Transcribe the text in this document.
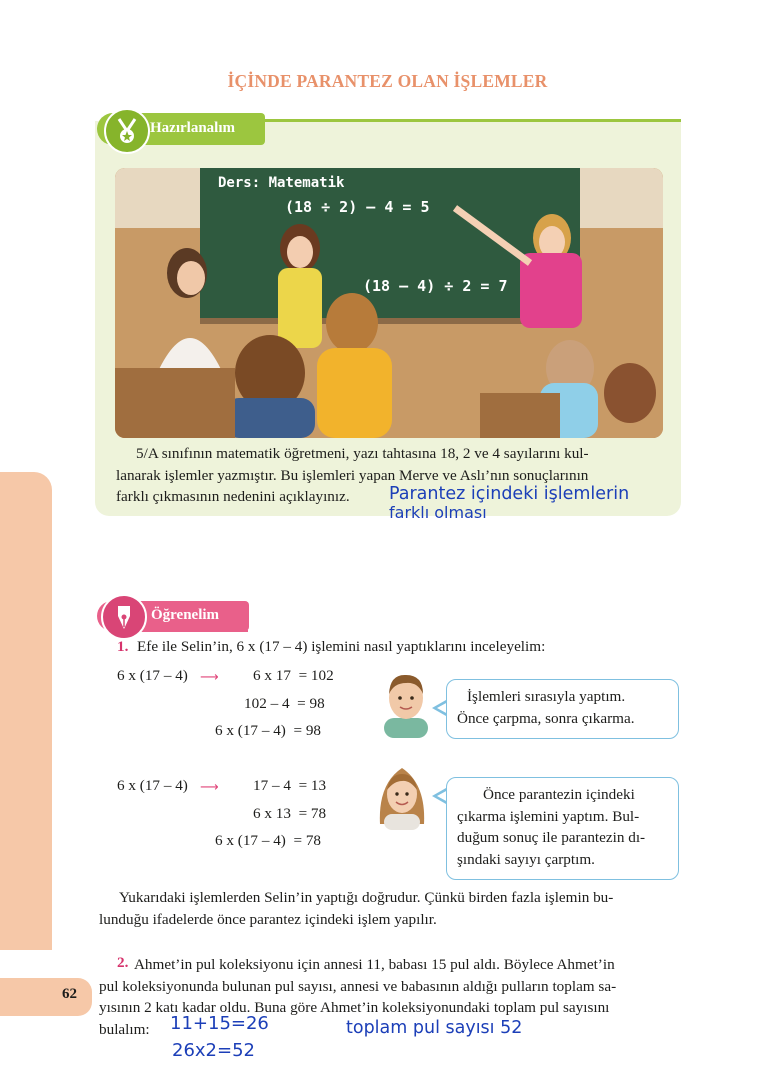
62
İÇİNDE PARANTEZ OLAN İŞLEMLER
Hazırlanalım
Ders: Matematik
(18 ÷ 2) – 4 = 5
(18 – 4) ÷ 2 = 7
5/A sınıfının matematik öğretmeni, yazı tahtasına 18, 2 ve 4 sayılarını kul-
lanarak işlemler yazmıştır. Bu işlemleri yapan Merve ve Aslı’nın sonuçlarının
farklı çıkmasının nedenini açıklayınız. Parantez içindeki işlemlerin
farklı olması
Öğrenelim
1. Efe ile Selin’in, 6 x (17 – 4) işlemini nasıl yaptıklarını inceleyelim:
6 x (17 – 4) ⟶ 6 x 17  = 102
102 – 4  = 98
6 x (17 – 4)  = 98
İşlemleri sırasıyla yaptım.
Önce çarpma, sonra çıkarma.
6 x (17 – 4) ⟶ 17 – 4  = 13
6 x 13  = 78
6 x (17 – 4)  = 78
Önce parantezin içindeki
çıkarma işlemini yaptım. Bul-
duğum sonuç ile parantezin dı-
şındaki sayıyı çarptım.
Yukarıdaki işlemlerden Selin’in yaptığı doğrudur. Çünkü birden fazla işlemin bu-
lunduğu ifadelerde önce parantez içindeki işlem yapılır.
2. Ahmet’in pul koleksiyonu için annesi 11, babası 15 pul aldı. Böylece Ahmet’in
pul koleksiyonunda bulunan pul sayısı, annesi ve babasının aldığı pulların toplam sa-
yısının 2 katı kadar oldu. Buna göre Ahmet’in koleksiyonundaki toplam pul sayısını
bulalım: 11+15=26
26x2=52
toplam pul sayısı 52
